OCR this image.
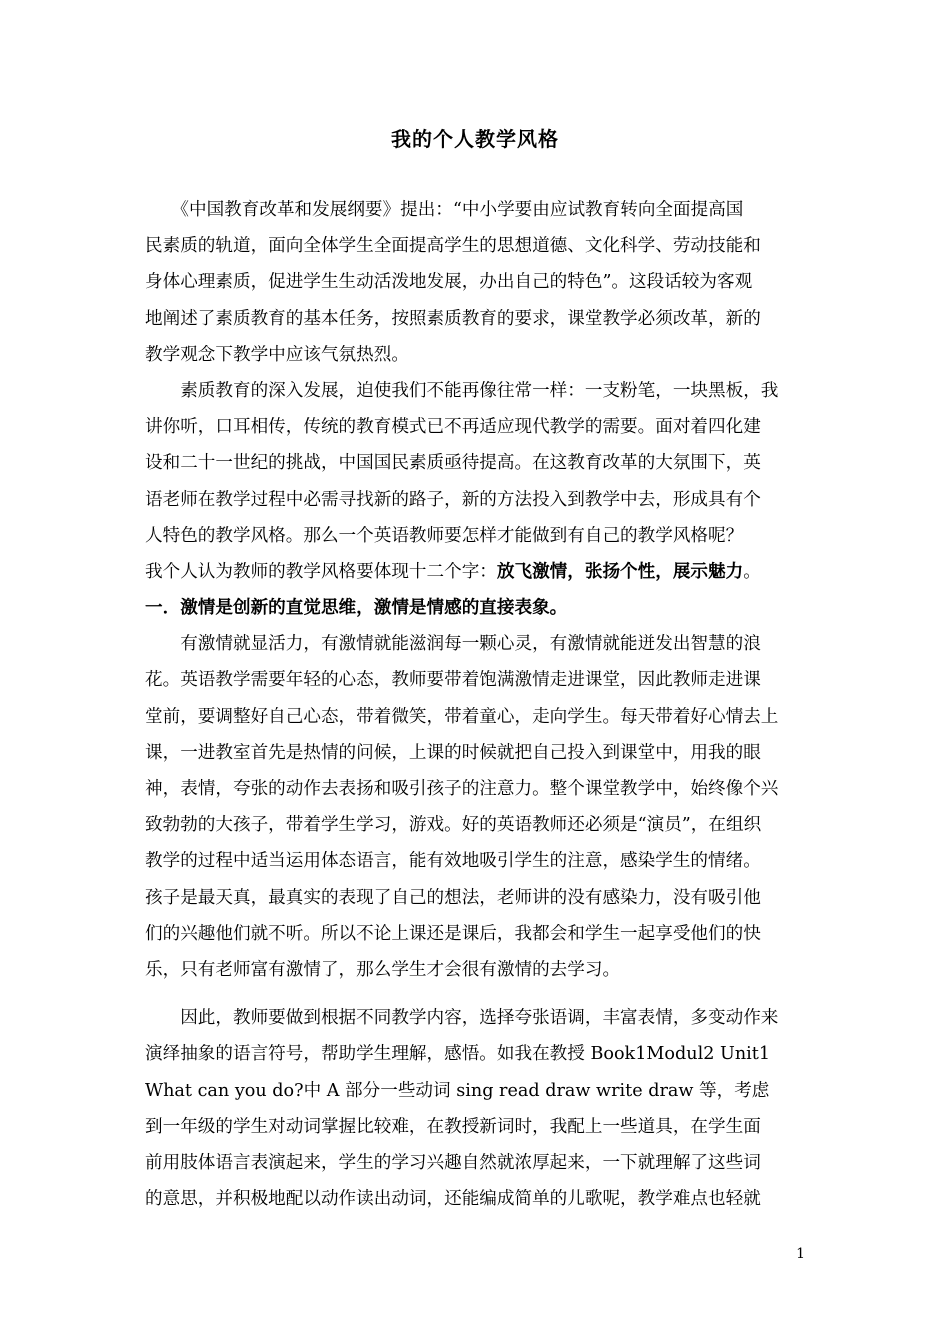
我的个人教学风格
　　《中国教育改革和发展纲要》提出：“中小学要由应试教育转向全面提高国
民素质的轨道，面向全体学生全面提高学生的思想道德、文化科学、劳动技能和
身体心理素质，促进学生生动活泼地发展，办出自己的特色”。这段话较为客观
地阐述了素质教育的基本任务，按照素质教育的要求，课堂教学必须改革，新的
教学观念下教学中应该气氛热烈。
　　素质教育的深入发展，迫使我们不能再像往常一样：一支粉笔，一块黑板，我
讲你听，口耳相传，传统的教育模式已不再适应现代教学的需要。面对着四化建
设和二十一世纪的挑战，中国国民素质亟待提高。在这教育改革的大氛围下，英
语老师在教学过程中必需寻找新的路子，新的方法投入到教学中去，形成具有个
人特色的教学风格。那么一个英语教师要怎样才能做到有自己的教学风格呢？
我个人认为教师的教学风格要体现十二个字：放飞激情，张扬个性，展示魅力。
一．激情是创新的直觉思维，激情是情感的直接表象。
　　有激情就显活力，有激情就能滋润每一颗心灵，有激情就能迸发出智慧的浪
花。英语教学需要年轻的心态，教师要带着饱满激情走进课堂，因此教师走进课
堂前，要调整好自己心态，带着微笑，带着童心，走向学生。每天带着好心情去上
课，一进教室首先是热情的问候，上课的时候就把自己投入到课堂中，用我的眼
神，表情，夸张的动作去表扬和吸引孩子的注意力。整个课堂教学中，始终像个兴
致勃勃的大孩子，带着学生学习，游戏。好的英语教师还必须是“演员”，在组织
教学的过程中适当运用体态语言，能有效地吸引学生的注意，感染学生的情绪。
孩子是最天真，最真实的表现了自己的想法，老师讲的没有感染力，没有吸引他
们的兴趣他们就不听。所以不论上课还是课后，我都会和学生一起享受他们的快
乐，只有老师富有激情了，那么学生才会很有激情的去学习。
　　因此，教师要做到根据不同教学内容，选择夸张语调，丰富表情，多变动作来
演绎抽象的语言符号，帮助学生理解，感悟。如我在教授 Book1Modul2 Unit1
What can you do?中 A 部分一些动词 sing read draw write draw 等，考虑
到一年级的学生对动词掌握比较难，在教授新词时，我配上一些道具，在学生面
前用肢体语言表演起来，学生的学习兴趣自然就浓厚起来，一下就理解了这些词
的意思，并积极地配以动作读出动词，还能编成简单的儿歌呢，教学难点也轻就
1
